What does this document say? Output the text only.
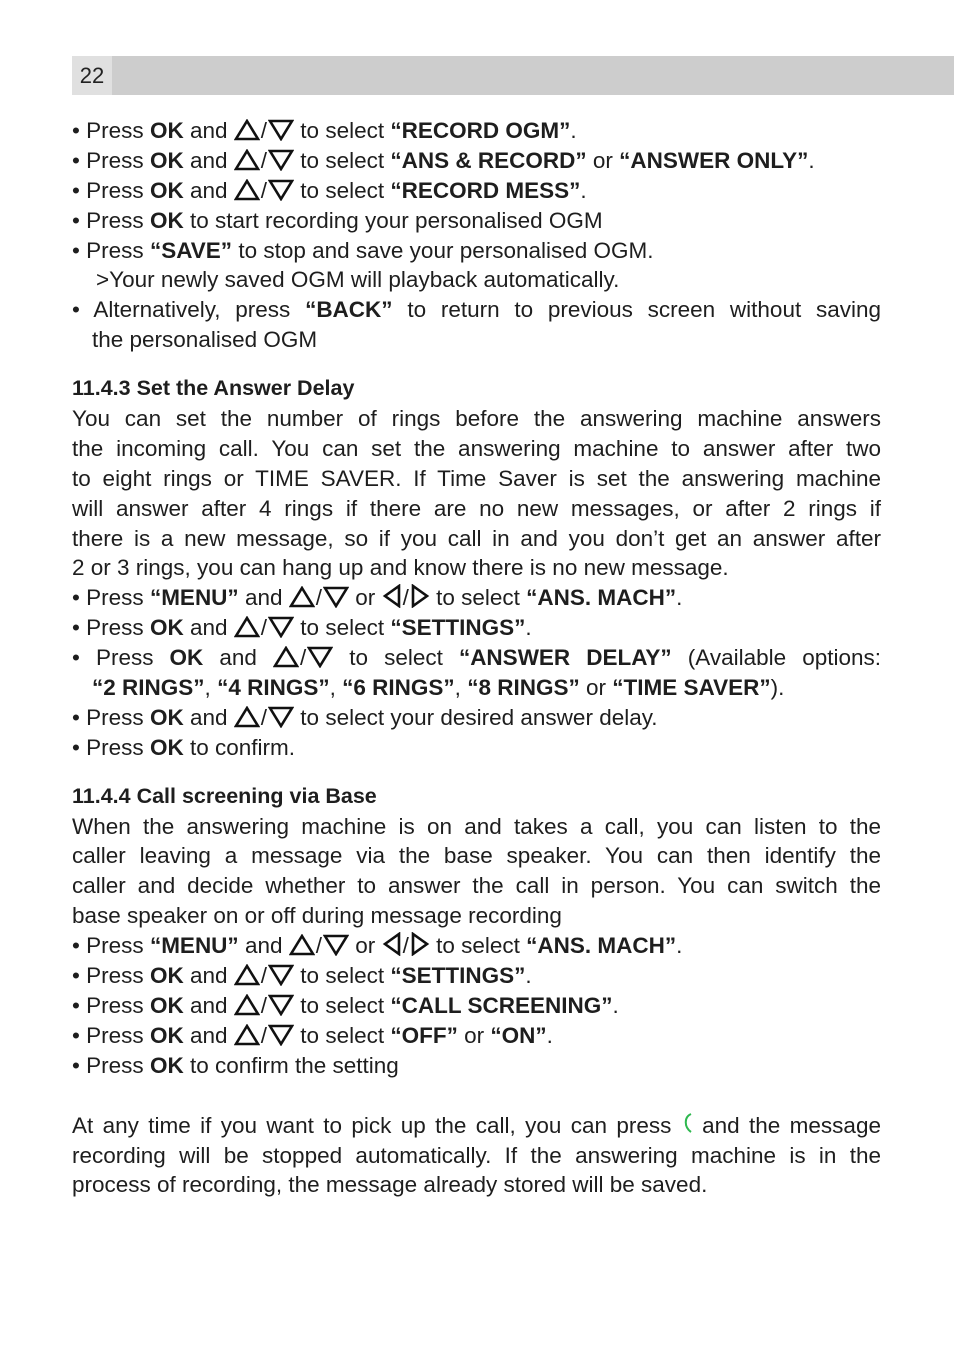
22
• Press OK and / to select “RECORD OGM”.
• Press OK and / to select “ANS & RECORD” or “ANSWER ONLY”.
• Press OK and / to select “RECORD MESS”.
• Press OK to start recording your personalised OGM
• Press “SAVE” to stop and save your personalised OGM.
>Your newly saved OGM will playback automatically.
• Alternatively, press “BACK” to return to previous screen without saving
the personalised OGM
11.4.3 Set the Answer Delay
You can set the number of rings before the answering machine answers
the incoming call. You can set the answering machine to answer after two
to eight rings or TIME SAVER. If Time Saver is set the answering machine
will answer after 4 rings if there are no new messages, or after 2 rings if
there is a new message, so if you call in and you don’t get an answer after
2 or 3 rings, you can hang up and know there is no new message.
• Press “MENU” and / or / to select “ANS. MACH”.
• Press OK and / to select “SETTINGS”.
• Press OK and / to select “ANSWER DELAY” (Available options:
“2 RINGS”, “4 RINGS”, “6 RINGS”, “8 RINGS” or “TIME SAVER”).
• Press OK and / to select your desired answer delay.
• Press OK to confirm.
11.4.4 Call screening via Base
When the answering machine is on and takes a call, you can listen to the
caller leaving a message via the base speaker. You can then identify the
caller and decide whether to answer the call in person. You can switch the
base speaker on or off during message recording
• Press “MENU” and / or / to select “ANS. MACH”.
• Press OK and / to select “SETTINGS”.
• Press OK and / to select “CALL SCREENING”.
• Press OK and / to select “OFF” or “ON”.
• Press OK to confirm the setting
At any time if you want to pick up the call, you can press and the message
recording will be stopped automatically. If the answering machine is in the
process of recording, the message already stored will be saved.
